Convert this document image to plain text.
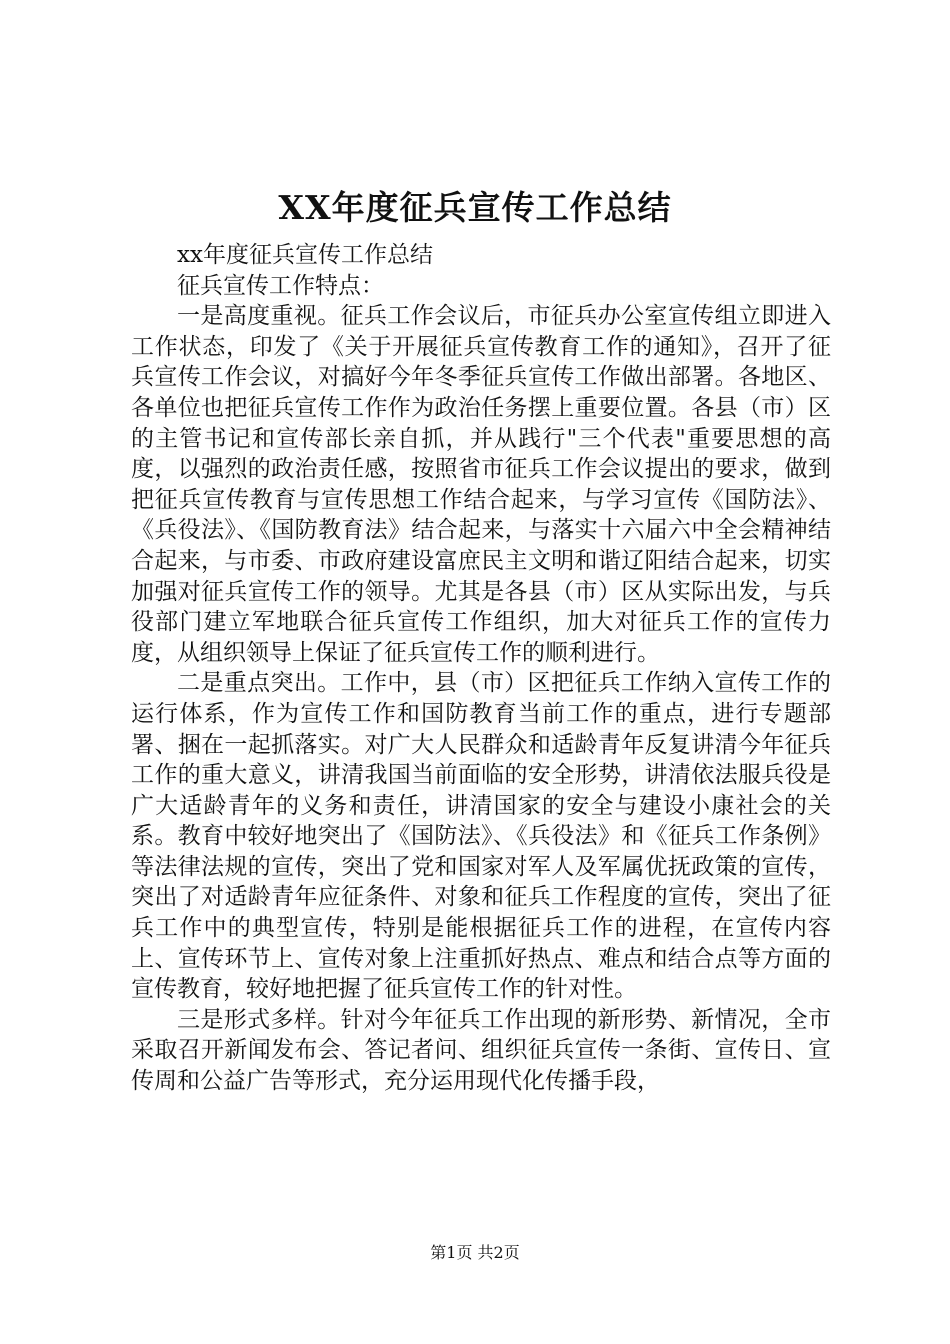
XX年度征兵宣传工作总结

xx年度征兵宣传工作总结

征兵宣传工作特点：

一是高度重视。征兵工作会议后，市征兵办公室宣传组立即进入工作状态，印发了《关于开展征兵宣传教育工作的通知》，召开了征兵宣传工作会议，对搞好今年冬季征兵宣传工作做出部署。各地区、各单位也把征兵宣传工作作为政治任务摆上重要位置。各县（市）区的主管书记和宣传部长亲自抓，并从践行"三个代表"重要思想的高度，以强烈的政治责任感，按照省市征兵工作会议提出的要求，做到把征兵宣传教育与宣传思想工作结合起来，与学习宣传《国防法》、《兵役法》、《国防教育法》结合起来，与落实十六届六中全会精神结合起来，与市委、市政府建设富庶民主文明和谐辽阳结合起来，切实加强对征兵宣传工作的领导。尤其是各县（市）区从实际出发，与兵役部门建立军地联合征兵宣传工作组织，加大对征兵工作的宣传力度，从组织领导上保证了征兵宣传工作的顺利进行。

二是重点突出。工作中，县（市）区把征兵工作纳入宣传工作的运行体系，作为宣传工作和国防教育当前工作的重点，进行专题部署、捆在一起抓落实。对广大人民群众和适龄青年反复讲清今年征兵工作的重大意义，讲清我国当前面临的安全形势，讲清依法服兵役是广大适龄青年的义务和责任，讲清国家的安全与建设小康社会的关系。教育中较好地突出了《国防法》、《兵役法》和《征兵工作条例》等法律法规的宣传，突出了党和国家对军人及军属优抚政策的宣传，突出了对适龄青年应征条件、对象和征兵工作程度的宣传，突出了征兵工作中的典型宣传，特别是能根据征兵工作的进程，在宣传内容上、宣传环节上、宣传对象上注重抓好热点、难点和结合点等方面的宣传教育，较好地把握了征兵宣传工作的针对性。

三是形式多样。针对今年征兵工作出现的新形势、新情况，全市采取召开新闻发布会、答记者问、组织征兵宣传一条街、宣传日、宣传周和公益广告等形式，充分运用现代化传播手段，

第1页 共2页
